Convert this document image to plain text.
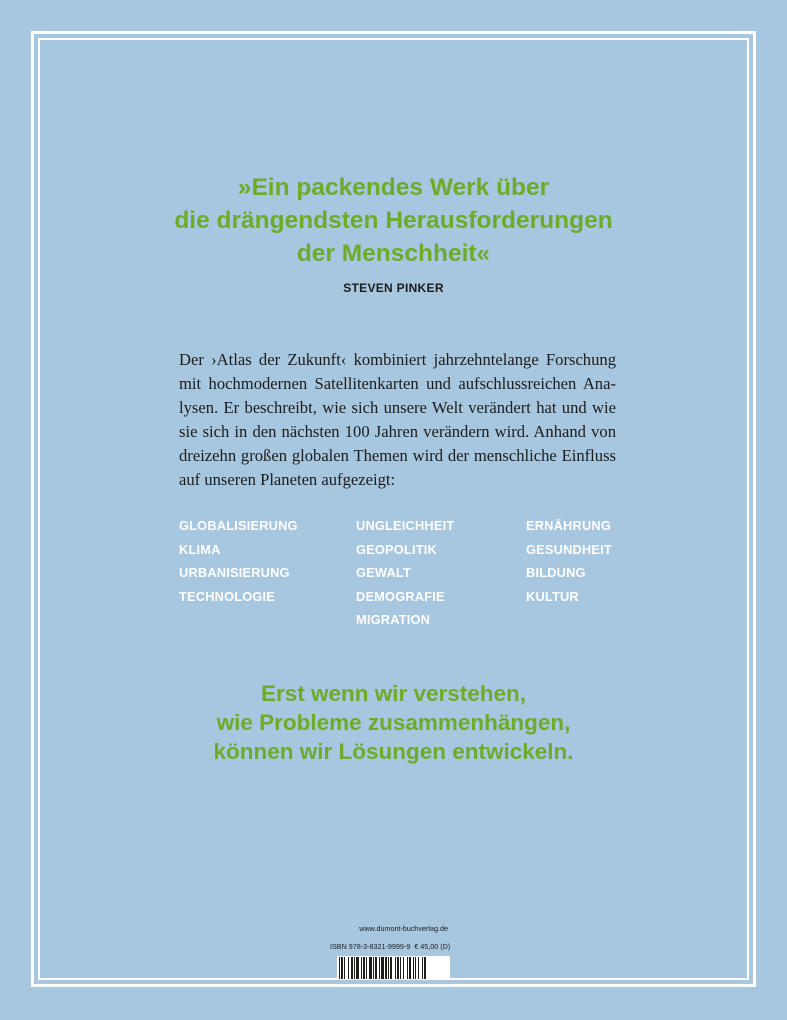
»Ein packendes Werk über
die drängendsten Herausforderungen
der Menschheit«
STEVEN PINKER
Der ›Atlas der Zukunft‹ kombiniert jahrzehntelange Forschung
mit hochmodernen Satellitenkarten und aufschlussreichen Ana-
lysen. Er beschreibt, wie sich unsere Welt verändert hat und wie
sie sich in den nächsten 100 Jahren verändern wird. Anhand von
dreizehn großen globalen Themen wird der menschliche Einfluss
auf unseren Planeten aufgezeigt:
GLOBALISIERUNG
KLIMA
URBANISIERUNG
TECHNOLOGIE
UNGLEICHHEIT
GEOPOLITIK
GEWALT
DEMOGRAFIE
MIGRATION
ERNÄHRUNG
GESUNDHEIT
BILDUNG
KULTUR
Erst wenn wir verstehen,
wie Probleme zusammenhängen,
können wir Lösungen entwickeln.
www.dumont-buchverlag.de
ISBN 978-3-8321-9999-9 € 45,00 (D)
